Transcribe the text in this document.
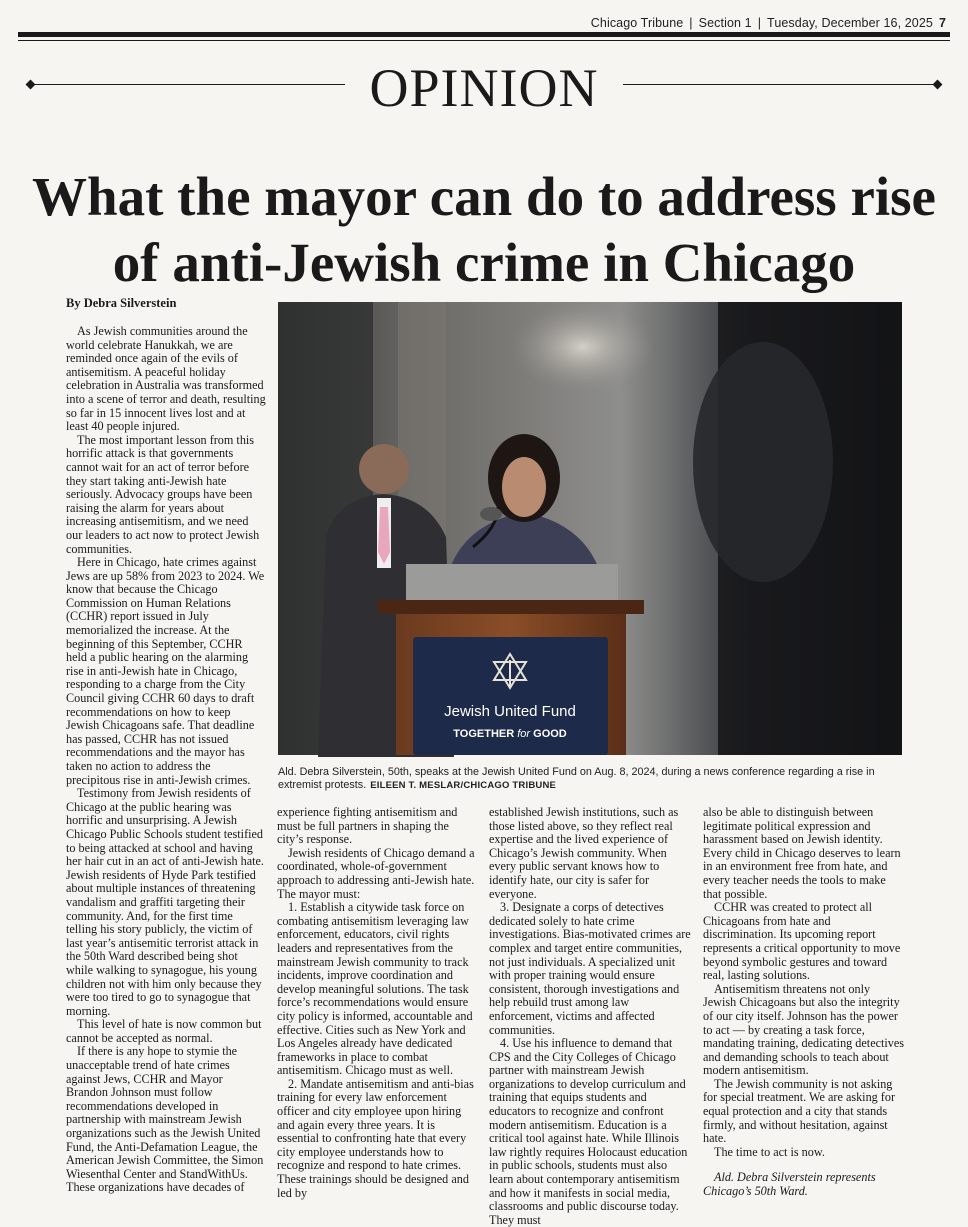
Chicago Tribune | Section 1 | Tuesday, December 16, 2025 7
OPINION
What the mayor can do to address rise of anti-Jewish crime in Chicago
By Debra Silverstein

As Jewish communities around the world celebrate Hanukkah, we are reminded once again of the evils of antisemitism. A peaceful holiday celebration in Australia was transformed into a scene of terror and death, resulting so far in 15 innocent lives lost and at least 40 people injured.

The most important lesson from this horrific attack is that governments cannot wait for an act of terror before they start taking anti-Jewish hate seriously. Advocacy groups have been raising the alarm for years about increasing antisemitism, and we need our leaders to act now to protect Jewish communities.

Here in Chicago, hate crimes against Jews are up 58% from 2023 to 2024. We know that because the Chicago Commission on Human Relations (CCHR) report issued in July memorialized the increase. At the beginning of this September, CCHR held a public hearing on the alarming rise in anti-Jewish hate in Chicago, responding to a charge from the City Council giving CCHR 60 days to draft recommendations on how to keep Jewish Chicagoans safe. That deadline has passed, CCHR has not issued recommendations and the mayor has taken no action to address the precipitous rise in anti-Jewish crimes.

Testimony from Jewish residents of Chicago at the public hearing was horrific and unsurprising. A Jewish Chicago Public Schools student testified to being attacked at school and having her hair cut in an act of anti-Jewish hate. Jewish residents of Hyde Park testified about multiple instances of threatening vandalism and graffiti targeting their community. And, for the first time telling his story publicly, the victim of last year’s antisemitic terrorist attack in the 50th Ward described being shot while walking to synagogue, his young children not with him only because they were too tired to go to synagogue that morning.

This level of hate is now common but cannot be accepted as normal.

If there is any hope to stymie the unacceptable trend of hate crimes against Jews, CCHR and Mayor Brandon Johnson must follow recommendations developed in partnership with mainstream Jewish organizations such as the Jewish United Fund, the Anti-Defamation League, the American Jewish Committee, the Simon Wiesenthal Center and StandWithUs. These organizations have decades of

Jewish United Fund
TOGETHER for GOOD
Ald. Debra Silverstein, 50th, speaks at the Jewish United Fund on Aug. 8, 2024, during a news conference regarding a rise in extremist protests. EILEEN T. MESLAR/CHICAGO TRIBUNE

experience fighting antisemitism and must be full partners in shaping the city’s response.

Jewish residents of Chicago demand a coordinated, whole-of-government approach to addressing anti-Jewish hate. The mayor must:

1. Establish a citywide task force on combating antisemitism leveraging law enforcement, educators, civil rights leaders and representatives from the mainstream Jewish community to track incidents, improve coordination and develop meaningful solutions. The task force’s recommendations would ensure city policy is informed, accountable and effective. Cities such as New York and Los Angeles already have dedicated frameworks in place to combat antisemitism. Chicago must as well.

2. Mandate antisemitism and anti-bias training for every law enforcement officer and city employee upon hiring and again every three years. It is essential to confronting hate that every city employee understands how to recognize and respond to hate crimes. These trainings should be designed and led by

established Jewish institutions, such as those listed above, so they reflect real expertise and the lived experience of Chicago’s Jewish community. When every public servant knows how to identify hate, our city is safer for everyone.

3. Designate a corps of detectives dedicated solely to hate crime investigations. Bias-motivated crimes are complex and target entire communities, not just individuals. A specialized unit with proper training would ensure consistent, thorough investigations and help rebuild trust among law enforcement, victims and affected communities.

4. Use his influence to demand that CPS and the City Colleges of Chicago partner with mainstream Jewish organizations to develop curriculum and training that equips students and educators to recognize and confront modern antisemitism. Education is a critical tool against hate. While Illinois law rightly requires Holocaust education in public schools, students must also learn about contemporary antisemitism and how it manifests in social media, classrooms and public discourse today. They must

also be able to distinguish between legitimate political expression and harassment based on Jewish identity. Every child in Chicago deserves to learn in an environment free from hate, and every teacher needs the tools to make that possible.

CCHR was created to protect all Chicagoans from hate and discrimination. Its upcoming report represents a critical opportunity to move beyond symbolic gestures and toward real, lasting solutions.

Antisemitism threatens not only Jewish Chicagoans but also the integrity of our city itself. Johnson has the power to act — by creating a task force, mandating training, dedicating detectives and demanding schools to teach about modern antisemitism.

The Jewish community is not asking for special treatment. We are asking for equal protection and a city that stands firmly, and without hesitation, against hate.

The time to act is now.

Ald. Debra Silverstein represents Chicago’s 50th Ward.
